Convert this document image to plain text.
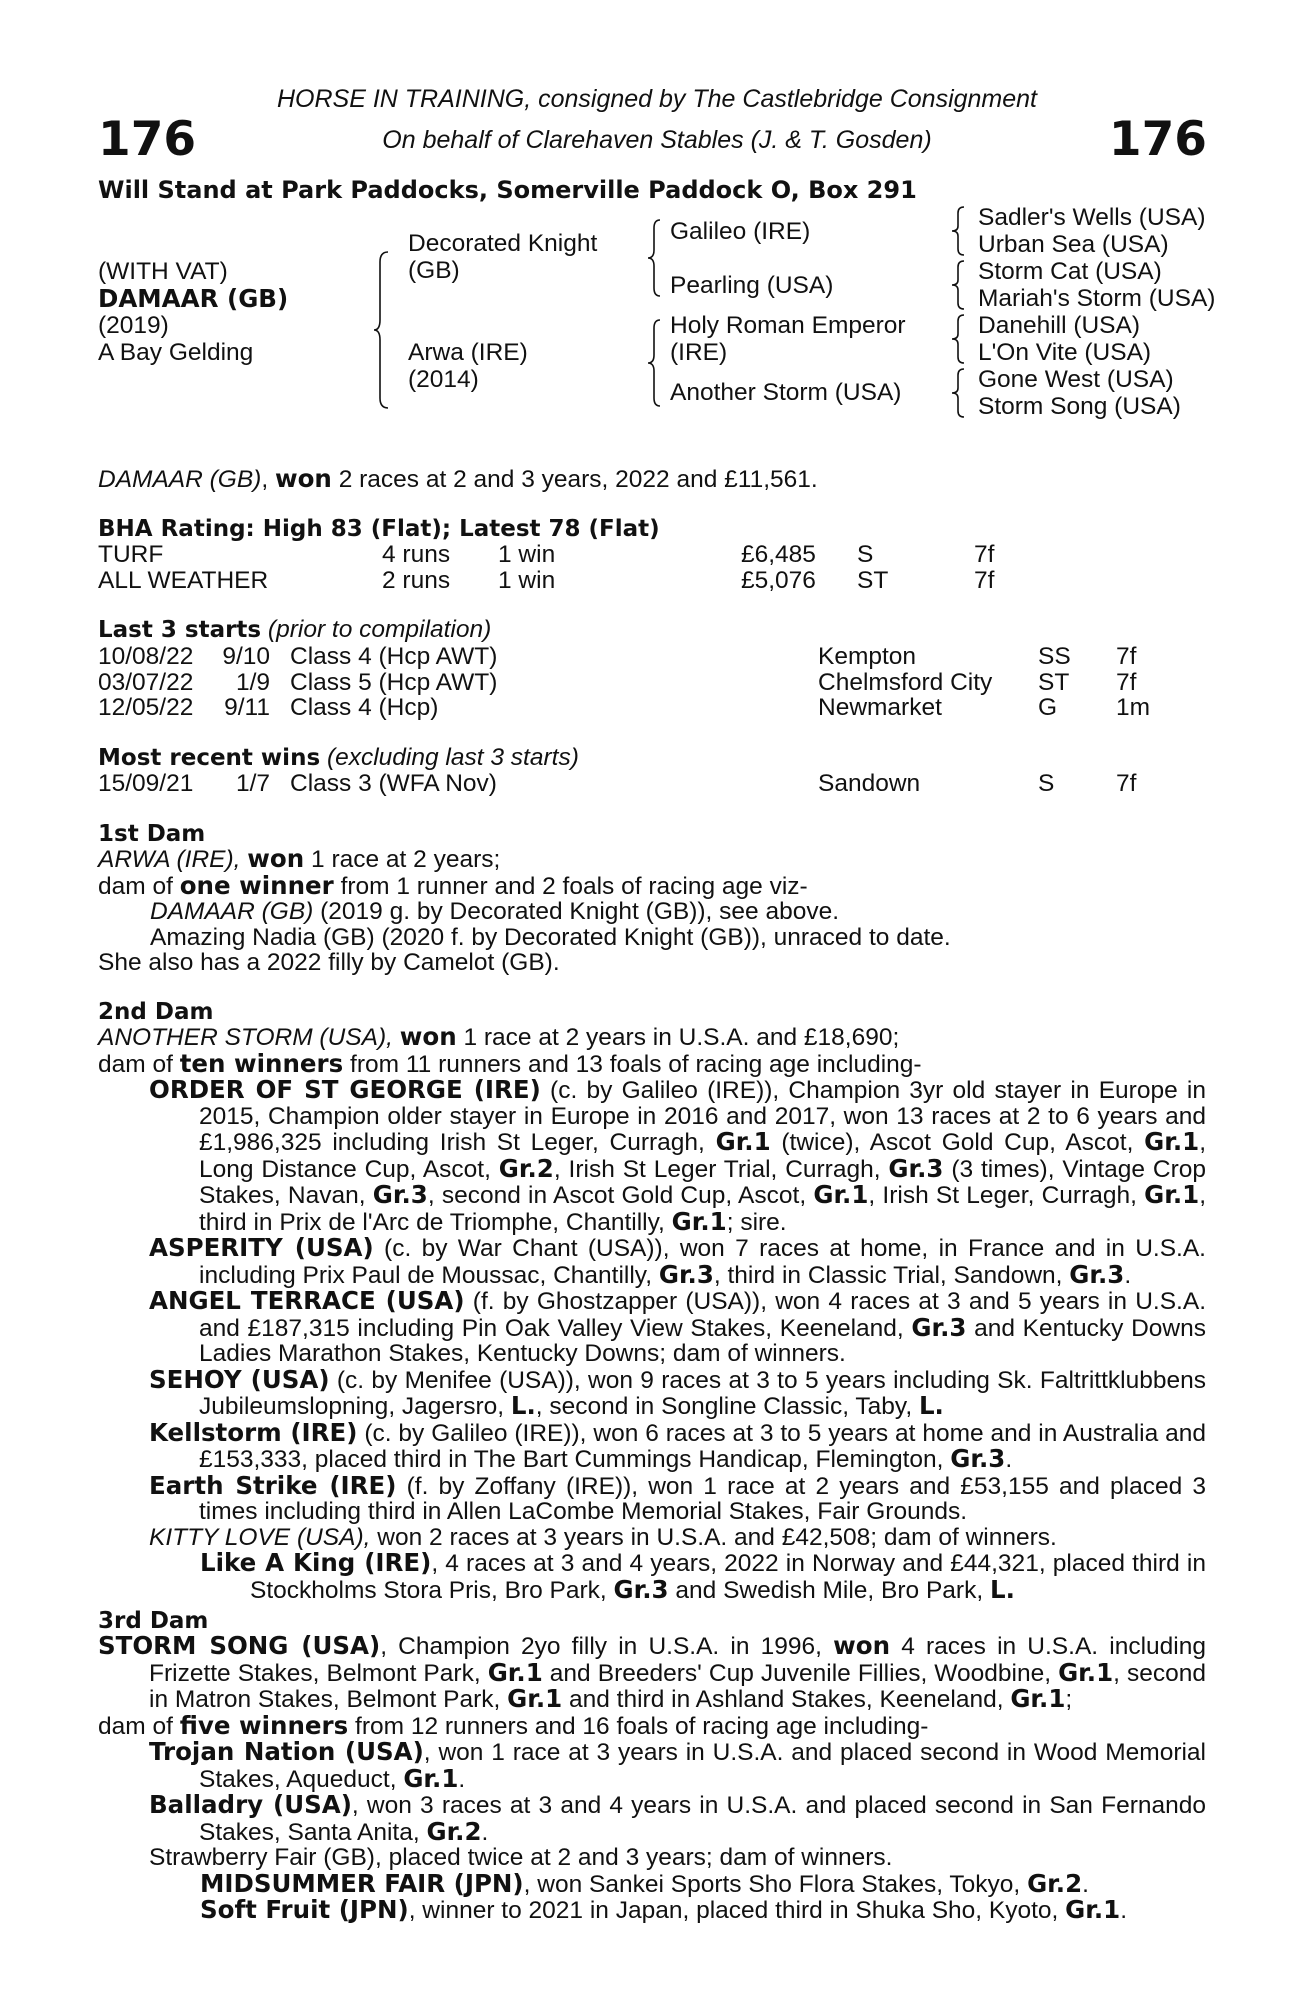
HORSE IN TRAINING, consigned by The Castlebridge Consignment
On behalf of Clarehaven Stables (J. & T. Gosden)
176	176
Will Stand at Park Paddocks, Somerville Paddock O, Box 291
(WITH VAT)
DAMAAR (GB)
(2019)
A Bay Gelding
Decorated Knight
(GB)
Arwa (IRE)
(2014)
Galileo (IRE)
Pearling (USA)
Holy Roman Emperor
(IRE)
Another Storm (USA)
Sadler's Wells (USA)
Urban Sea (USA)
Storm Cat (USA)
Mariah's Storm (USA)
Danehill (USA)
L'On Vite (USA)
Gone West (USA)
Storm Song (USA)
DAMAAR (GB), won 2 races at 2 and 3 years, 2022 and £11,561.
BHA Rating: High 83 (Flat); Latest 78 (Flat)
TURF	4 runs 1 win	£6,485 S	7f
ALL WEATHER	2 runs 1 win	£5,076 ST	7f
Last 3 starts (prior to compilation)
10/08/22 9/10 Class 4 (Hcp AWT)	Kempton	SS 7f
03/07/22 1/9 Class 5 (Hcp AWT)	Chelmsford City ST 7f
12/05/22 9/11 Class 4 (Hcp)	Newmarket	G 1m
Most recent wins (excluding last 3 starts)
15/09/21 1/7 Class 3 (WFA Nov)	Sandown	S	7f
1st Dam
ARWA (IRE), won 1 race at 2 years;
dam of one winner from 1 runner and 2 foals of racing age viz-
DAMAAR (GB) (2019 g. by Decorated Knight (GB)), see above.
Amazing Nadia (GB) (2020 f. by Decorated Knight (GB)), unraced to date.
She also has a 2022 filly by Camelot (GB).
2nd Dam
ANOTHER STORM (USA), won 1 race at 2 years in U.S.A. and £18,690;
dam of ten winners from 11 runners and 13 foals of racing age including-
ORDER OF ST GEORGE (IRE) (c. by Galileo (IRE)), Champion 3yr old stayer in Europe in 2015, Champion older stayer in Europe in 2016 and 2017, won 13 races at 2 to 6 years and £1,986,325 including Irish St Leger, Curragh, Gr.1 (twice), Ascot Gold Cup, Ascot, Gr.1, Long Distance Cup, Ascot, Gr.2, Irish St Leger Trial, Curragh, Gr.3 (3 times), Vintage Crop Stakes, Navan, Gr.3, second in Ascot Gold Cup, Ascot, Gr.1, Irish St Leger, Curragh, Gr.1, third in Prix de l'Arc de Triomphe, Chantilly, Gr.1; sire.
ASPERITY (USA) (c. by War Chant (USA)), won 7 races at home, in France and in U.S.A. including Prix Paul de Moussac, Chantilly, Gr.3, third in Classic Trial, Sandown, Gr.3.
ANGEL TERRACE (USA) (f. by Ghostzapper (USA)), won 4 races at 3 and 5 years in U.S.A. and £187,315 including Pin Oak Valley View Stakes, Keeneland, Gr.3 and Kentucky Downs Ladies Marathon Stakes, Kentucky Downs; dam of winners.
SEHOY (USA) (c. by Menifee (USA)), won 9 races at 3 to 5 years including Sk. Faltrittklubbens Jubileumslopning, Jagersro, L., second in Songline Classic, Taby, L.
Kellstorm (IRE) (c. by Galileo (IRE)), won 6 races at 3 to 5 years at home and in Australia and £153,333, placed third in The Bart Cummings Handicap, Flemington, Gr.3.
Earth Strike (IRE) (f. by Zoffany (IRE)), won 1 race at 2 years and £53,155 and placed 3 times including third in Allen LaCombe Memorial Stakes, Fair Grounds.
KITTY LOVE (USA), won 2 races at 3 years in U.S.A. and £42,508; dam of winners.
Like A King (IRE), 4 races at 3 and 4 years, 2022 in Norway and £44,321, placed third in Stockholms Stora Pris, Bro Park, Gr.3 and Swedish Mile, Bro Park, L.
3rd Dam
STORM SONG (USA), Champion 2yo filly in U.S.A. in 1996, won 4 races in U.S.A. including Frizette Stakes, Belmont Park, Gr.1 and Breeders' Cup Juvenile Fillies, Woodbine, Gr.1, second in Matron Stakes, Belmont Park, Gr.1 and third in Ashland Stakes, Keeneland, Gr.1;
dam of five winners from 12 runners and 16 foals of racing age including-
Trojan Nation (USA), won 1 race at 3 years in U.S.A. and placed second in Wood Memorial Stakes, Aqueduct, Gr.1.
Balladry (USA), won 3 races at 3 and 4 years in U.S.A. and placed second in San Fernando Stakes, Santa Anita, Gr.2.
Strawberry Fair (GB), placed twice at 2 and 3 years; dam of winners.
MIDSUMMER FAIR (JPN), won Sankei Sports Sho Flora Stakes, Tokyo, Gr.2.
Soft Fruit (JPN), winner to 2021 in Japan, placed third in Shuka Sho, Kyoto, Gr.1.
